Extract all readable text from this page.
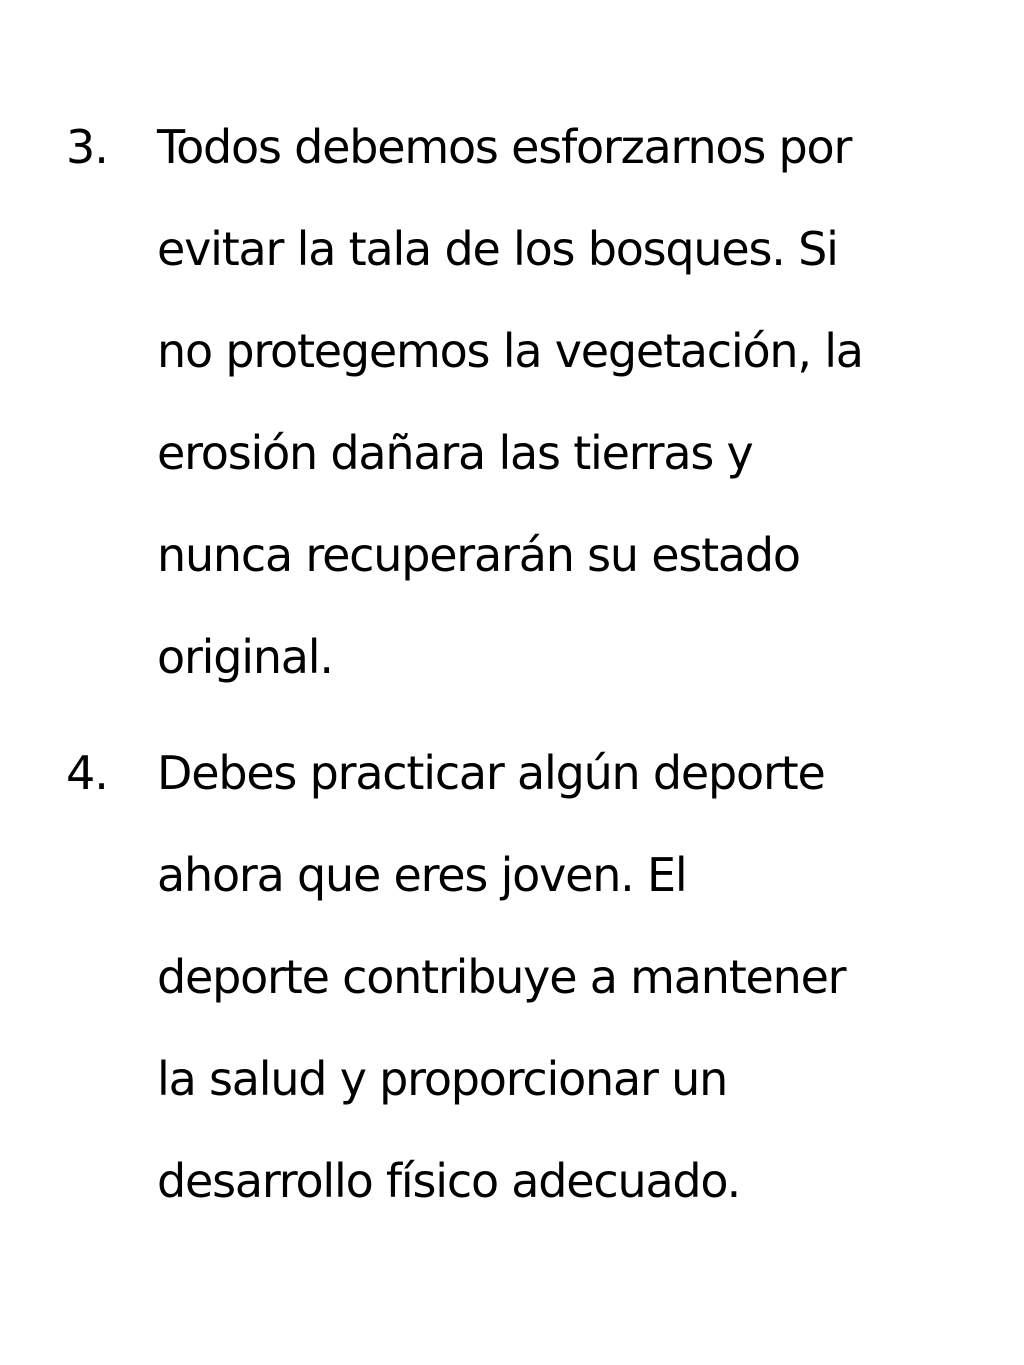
3. Todos debemos esforzarnos por
evitar la tala de los bosques. Si
no protegemos la vegetación, la
erosión dañara las tierras y
nunca recuperarán su estado
original.
4. Debes practicar algún deporte
ahora que eres joven. El
deporte contribuye a mantener
la salud y proporcionar un
desarrollo físico adecuado.
